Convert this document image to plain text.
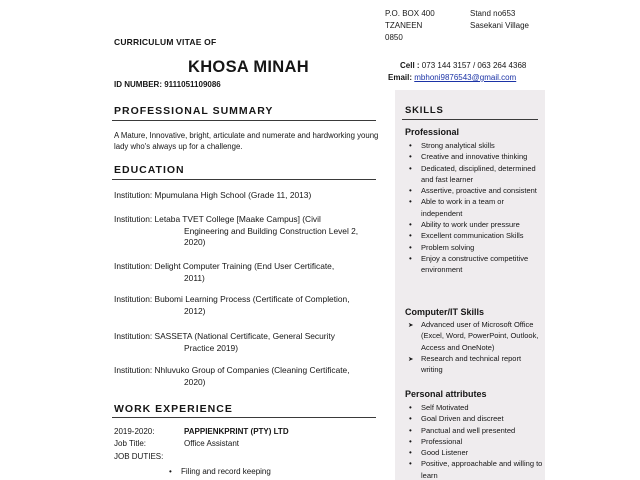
P.O. BOX 400
TZANEEN
0850
Stand no653
Sasekani Village
Cell : 073 144 3157 / 063 264 4368
Email: mbhoni9876543@gmail.com
CURRICULUM VITAE OF
KHOSA MINAH
ID NUMBER: 9111051109086
PROFESSIONAL SUMMARY
A Mature, Innovative, bright, articulate and numerate and hardworking young lady who's always up for a challenge.
EDUCATION
Institution: Mpumulana High School (Grade 11, 2013)
Institution: Letaba TVET College [Maake Campus] (Civil
Engineering and Building Construction Level 2,
2020)
Institution: Delight Computer Training (End User Certificate,
2011)
Institution: Bubomi Learning Process (Certificate of Completion,
2012)
Institution: SASSETA (National Certificate, General Security
Practice 2019)
Institution: Nhluvuko Group of Companies (Cleaning Certificate,
2020)
WORK EXPERIENCE
2019-2020:	PAPPIENKPRINT (PTY) LTD
Job Title:	Office Assistant
JOB DUTIES:
• Filing and record keeping
SKILLS
Professional
• Strong analytical skills
• Creative and innovative thinking
• Dedicated, disciplined, determined and fast learner
• Assertive, proactive and consistent
• Able to work in a team or independent
• Ability to work under pressure
• Excellent communication Skills
• Problem solving
• Enjoy a constructive competitive environment
Computer/IT Skills
➤ Advanced user of Microsoft Office (Excel, Word, PowerPoint, Outlook, Access and OneNote)
➤ Research and technical report writing
Personal attributes
• Self Motivated
• Goal Driven and discreet
• Panctual and well presented
• Professional
• Good Listener
• Positive, approachable and willing to learn
